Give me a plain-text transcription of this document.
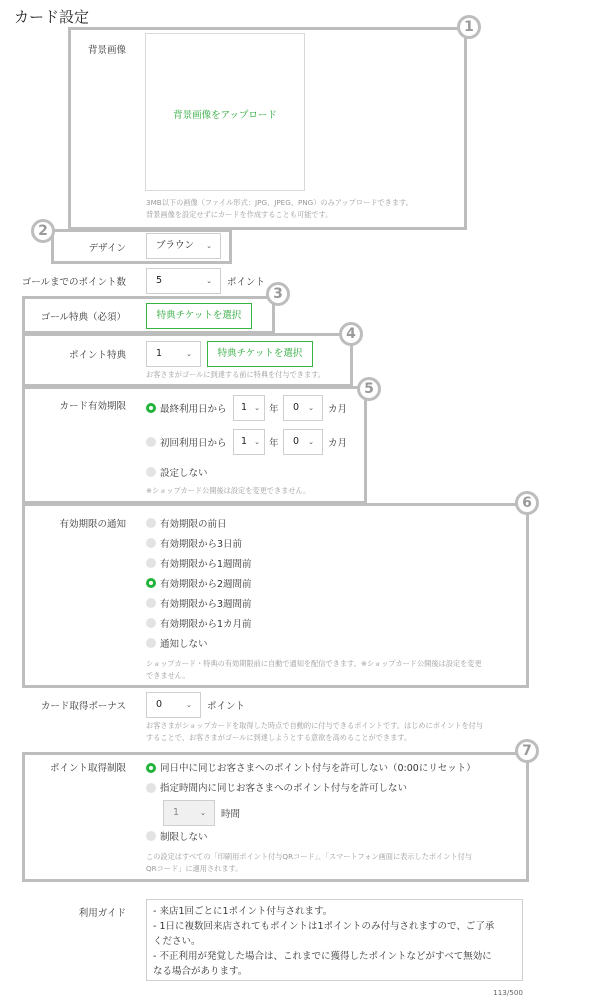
カード設定
1
2
3
4
5
6
7
背景画像
背景画像をアップロード
3MB以下の画像（ファイル形式：JPG、JPEG、PNG）のみアップロードできます。
背景画像を設定せずにカードを作成することも可能です。
デザイン	ブラウン ⌄
ゴールまでのポイント数	5	⌄ ポイント
ゴール特典（必須）	特典チケットを選択
ポイント特典	1	⌄	特典チケットを選択
お客さまがゴールに到達する前に特典を付与できます。
カード有効期限	最終利用日から	1 ⌄ 年	0 ⌄ カ月
初回利用日から	1 ⌄ 年	0 ⌄ カ月
設定しない
※ショップカード公開後は設定を変更できません。
有効期限の通知	有効期限の前日
有効期限から3日前
有効期限から1週間前
有効期限から2週間前
有効期限から3週間前
有効期限から1カ月前
通知しない
ショップカード・特典の有効期限前に自動で通知を配信できます。※ショップカード公開後は設定を変更
できません。
カード取得ボーナス	0	⌄ ポイント
お客さまがショップカードを取得した時点で自動的に付与できるポイントです。はじめにポイントを付与
することで、お客さまがゴールに到達しようとする意欲を高めることができます。
ポイント取得制限	同日中に同じお客さまへのポイント付与を許可しない（0:00にリセット）
指定時間内に同じお客さまへのポイント付与を許可しない
1	⌄ 時間
制限しない
この設定はすべての「印刷用ポイント付与QRコード」、「スマートフォン画面に表示したポイント付与
QRコード」に適用されます。
利用ガイド	- 来店1回ごとに1ポイント付与されます。
- 1日に複数回来店されてもポイントは1ポイントのみ付与されますので、ご了承
ください。
- 不正利用が発覚した場合は、これまでに獲得したポイントなどがすべて無効に
なる場合があります。
113/500
